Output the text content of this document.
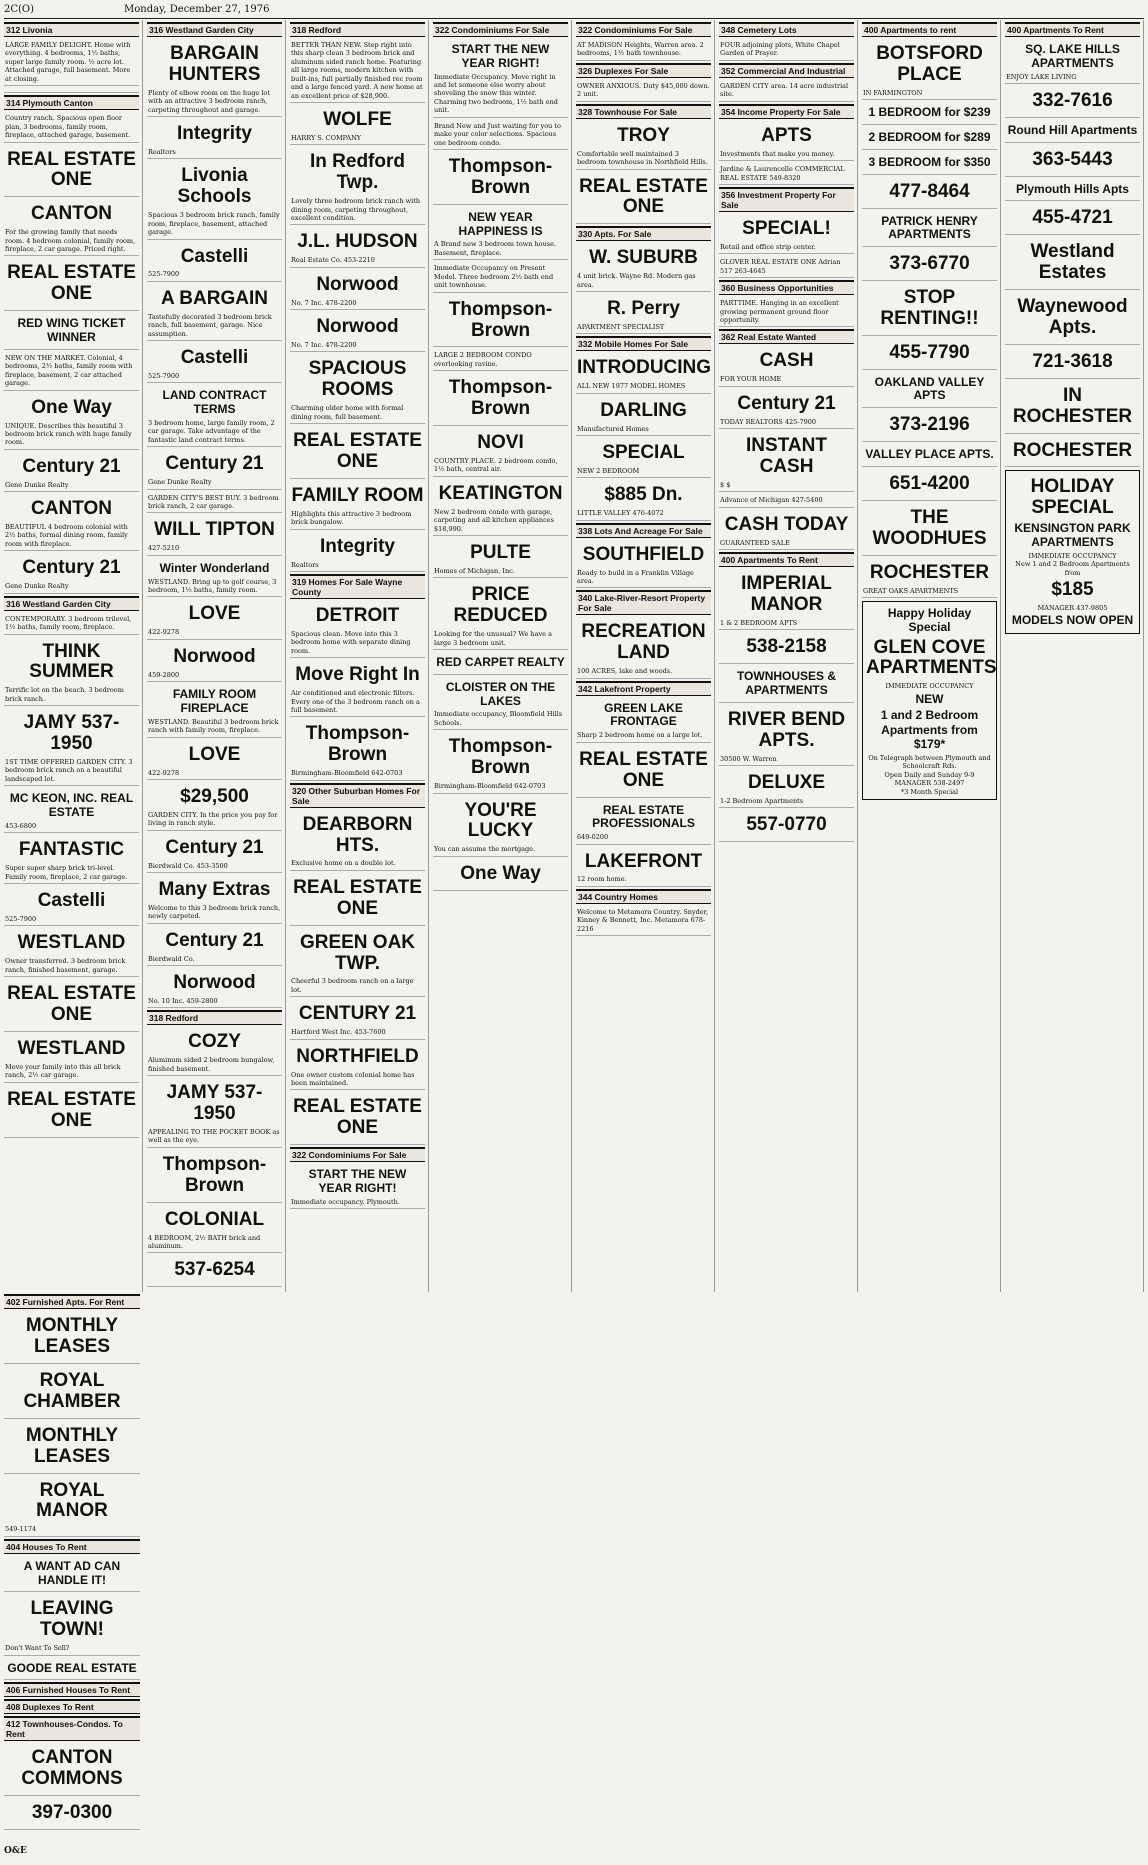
2C(O)	Monday, December 27, 1976
312 Livonia
LARGE FAMILY DELIGHT. Home with everything. 4 bedrooms, 1½ baths, super large family room. ½ acre lot. Attached garage, full basement. More at closing.
314 Plymouth Canton
Country ranch. Spacious open floor plan, 3 bedrooms, family room, fireplace, attached garage, basement.
REAL ESTATE ONE
CANTON
For the growing family that needs room. 4 bedroom colonial, family room, fireplace, 2 car garage. Priced right.
REAL ESTATE ONE
RED WING TICKET WINNER
NEW ON THE MARKET. Colonial, 4 bedrooms, 2½ baths, family room with fireplace, basement, 2 car attached garage.
One Way
UNIQUE. Describes this beautiful 3 bedroom brick ranch with huge family room.
Century 21
Gene Dunke Realty
CANTON
BEAUTIFUL 4 bedroom colonial with 2½ baths, formal dining room, family room with fireplace.
Century 21
Gene Dunke Realty
316 Westland Garden City
CONTEMPORARY. 3 bedroom trilevel, 1½ baths, family room, fireplace.
THINK SUMMER
Terrific lot on the beach. 3 bedroom brick ranch.
JAMY 537-1950
1ST TIME OFFERED GARDEN CITY. 3 bedroom brick ranch on a beautiful landscaped lot.
MC KEON, INC. REAL ESTATE
453-6800
FANTASTIC
Super super sharp brick tri-level. Family room, fireplace, 2 car garage.
Castelli
525-7900
WESTLAND
Owner transferred. 3 bedroom brick ranch, finished basement, garage.
REAL ESTATE ONE
WESTLAND
Move your family into this all brick ranch, 2½ car garage.
REAL ESTATE ONE
316 Westland Garden City
BARGAIN HUNTERS
Plenty of elbow room on the huge lot with an attractive 3 bedroom ranch, carpeting throughout and garage.
Integrity
Realtors
Livonia Schools
Spacious 3 bedroom brick ranch, family room, fireplace, basement, attached garage.
Castelli
525-7900
A BARGAIN
Tastefully decorated 3 bedroom brick ranch, full basement, garage. Nice assumption.
Castelli
525-7900
LAND CONTRACT TERMS
3 bedroom home, large family room, 2 car garage. Take advantage of the fantastic land contract terms.
Century 21
Gene Dunke Realty
GARDEN CITY'S BEST BUY. 3 bedroom brick ranch, 2 car garage.
WILL TIPTON
427-5210
Winter Wonderland
WESTLAND. Bring up to golf course, 3 bedroom, 1½ baths, family room.
LOVE
422-9278
Norwood
459-2800
FAMILY ROOM FIREPLACE
WESTLAND. Beautiful 3 bedroom brick ranch with family room, fireplace.
LOVE
422-9278
$29,500
GARDEN CITY. In the price you pay for living in ranch style.
Century 21
Bierdwald Co. 453-3500
Many Extras
Welcome to this 3 bedroom brick ranch, newly carpeted.
Century 21
Bierdwald Co.
Norwood
No. 10 Inc. 459-2800
318 Redford
COZY
Aluminum sided 2 bedroom bungalow, finished basement.
JAMY 537-1950
APPEALING TO THE POCKET BOOK as well as the eye.
Thompson-Brown
COLONIAL
4 BEDROOM, 2½ BATH brick and aluminum.
537-6254
318 Redford
BETTER THAN NEW. Step right into this sharp clean 3 bedroom brick and aluminum sided ranch home. Featuring all large rooms, modern kitchen with built-ins, full partially finished rec room and a large fenced yard. A new home at an excellent price of $28,900.
WOLFE
HARRY S. COMPANY
In Redford Twp.
Lovely three bedroom brick ranch with dining room, carpeting throughout, excellent condition.
J.L. HUDSON
Real Estate Co. 453-2210
Norwood
No. 7 Inc. 478-2200
Norwood
No. 7 Inc. 478-2200
SPACIOUS ROOMS
Charming older home with formal dining room, full basement.
REAL ESTATE ONE
FAMILY ROOM
Highlights this attractive 3 bedroom brick bungalow.
Integrity
Realtors
319 Homes For Sale Wayne County
DETROIT
Spacious clean. Move into this 3 bedroom home with separate dining room.
Move Right In
Air conditioned and electronic filters. Every one of the 3 bedroom ranch on a full basement.
Thompson-Brown
Birmingham-Bloomfield 642-0703
320 Other Suburban Homes For Sale
DEARBORN HTS.
Exclusive home on a double lot.
REAL ESTATE ONE
GREEN OAK TWP.
Cheerful 3 bedroom ranch on a large lot.
CENTURY 21
Hartford West Inc. 453-7600
NORTHFIELD
One owner custom colonial home has been maintained.
REAL ESTATE ONE
322 Condominiums For Sale
START THE NEW YEAR RIGHT!
Immediate occupancy. Plymouth.
322 Condominiums For Sale
START THE NEW YEAR RIGHT!
Immediate Occupancy. Move right in and let someone else worry about shoveling the snow this winter. Charming two bedroom, 1½ bath end unit.
Brand New and Just waiting for you to make your color selections. Spacious one bedroom condo.
Thompson-Brown
NEW YEAR HAPPINESS IS
A Brand new 3 bedroom town house. Basement, fireplace.
Immediate Occupancy on Present Model. Three bedroom 2½ bath end unit townhouse.
Thompson-Brown
LARGE 2 BEDROOM CONDO overlooking ravine.
Thompson-Brown
NOVI
COUNTRY PLACE. 2 bedroom condo, 1½ bath, central air.
KEATINGTON
New 2 bedroom condo with garage, carpeting and all kitchen appliances $18,990.
PULTE
Homes of Michigan, Inc.
PRICE REDUCED
Looking for the unusual? We have a large 3 bedroom unit.
RED CARPET REALTY
CLOISTER ON THE LAKES
Immediate occupancy, Bloomfield Hills Schools.
Thompson-Brown
Birmingham-Bloomfield 642-0703
YOU'RE LUCKY
You can assume the mortgage.
One Way
322 Condominiums For Sale
AT MADISON Heights, Warren area. 2 bedrooms, 1½ bath townhouse.
326 Duplexes For Sale
OWNER ANXIOUS. Duty $45,000 down. 2 unit.
328 Townhouse For Sale
TROY
Comfortable well maintained 3 bedroom townhouse in Northfield Hills.
REAL ESTATE ONE
330 Apts. For Sale
W. SUBURB
4 unit brick. Wayne Rd. Modern gas area.
R. Perry
APARTMENT SPECIALIST
332 Mobile Homes For Sale
INTRODUCING
ALL NEW 1977 MODEL HOMES
DARLING
Manufactured Homes
SPECIAL
NEW 2 BEDROOM
$885 Dn.
LITTLE VALLEY 476-4072
338 Lots And Acreage For Sale
SOUTHFIELD
Ready to build in a Franklin Village area.
340 Lake-River-Resort Property For Sale
RECREATION LAND
100 ACRES, lake and woods.
342 Lakefront Property
GREEN LAKE FRONTAGE
Sharp 2 bedroom home on a large lot.
REAL ESTATE ONE
REAL ESTATE PROFESSIONALS
649-0200
LAKEFRONT
12 room home.
344 Country Homes
Welcome to Metamora Country. Snyder, Kinney & Bennett, Inc. Metamora 678-2216
348 Cemetery Lots
FOUR adjoining plots, White Chapel Garden of Prayer.
352 Commercial And Industrial
GARDEN CITY area. 14 acre industrial site.
354 Income Property For Sale
APTS
Investments that make you money.
Jardine & Laurencelle COMMERCIAL REAL ESTATE 549-8320
356 Investment Property For Sale
SPECIAL!
Retail and office strip center.
GLOVER REAL ESTATE ONE Adrian 517 263-4645
360 Business Opportunities
PARTTIME. Hanging in an excellent growing permanent ground floor opportunity.
362 Real Estate Wanted
CASH
FOR YOUR HOME
Century 21
TODAY REALTORS 425-7900
INSTANT CASH
$ $
Advance of Michigan 427-5400
CASH TODAY
GUARANTEED SALE
400 Apartments To Rent
IMPERIAL MANOR
1 & 2 BEDROOM APTS
538-2158
TOWNHOUSES & APARTMENTS
RIVER BEND APTS.
30500 W. Warren
DELUXE
1-2 Bedroom Apartments
557-0770
400 Apartments to rent
BOTSFORD PLACE
IN FARMINGTON
1 BEDROOM for $239
2 BEDROOM for $289
3 BEDROOM for $350
477-8464
PATRICK HENRY APARTMENTS
373-6770
STOP RENTING!!
455-7790
OAKLAND VALLEY APTS
373-2196
VALLEY PLACE APTS.
651-4200
THE WOODHUES
ROCHESTER
GREAT OAKS APARTMENTS
Happy Holiday Special
GLEN COVE APARTMENTS
IMMEDIATE OCCUPANCY
NEW
1 and 2 Bedroom
Apartments from $179*
On Telegraph between Plymouth and Schoolcraft Rds.
Open Daily and Sunday 9-9
MANAGER 538-2497
*3 Month Special
400 Apartments To Rent
SQ. LAKE HILLS APARTMENTS
ENJOY LAKE LIVING
332-7616
Round Hill Apartments
363-5443
Plymouth Hills Apts
455-4721
Westland Estates
Waynewood Apts.
721-3618
IN ROCHESTER
ROCHESTER
HOLIDAY SPECIAL
KENSINGTON PARK APARTMENTS
IMMEDIATE OCCUPANCY
New 1 and 2 Bedroom Apartments from
$185
MANAGER 437-9805
MODELS NOW OPEN
402 Furnished Apts. For Rent
MONTHLY LEASES
ROYAL CHAMBER
MONTHLY LEASES
ROYAL MANOR
549-1174
404 Houses To Rent
A WANT AD CAN HANDLE IT!
LEAVING TOWN!
Don't Want To Sell?
GOODE REAL ESTATE
406 Furnished Houses To Rent
408 Duplexes To Rent
412 Townhouses-Condos. To Rent
CANTON COMMONS
397-0300
O&E
